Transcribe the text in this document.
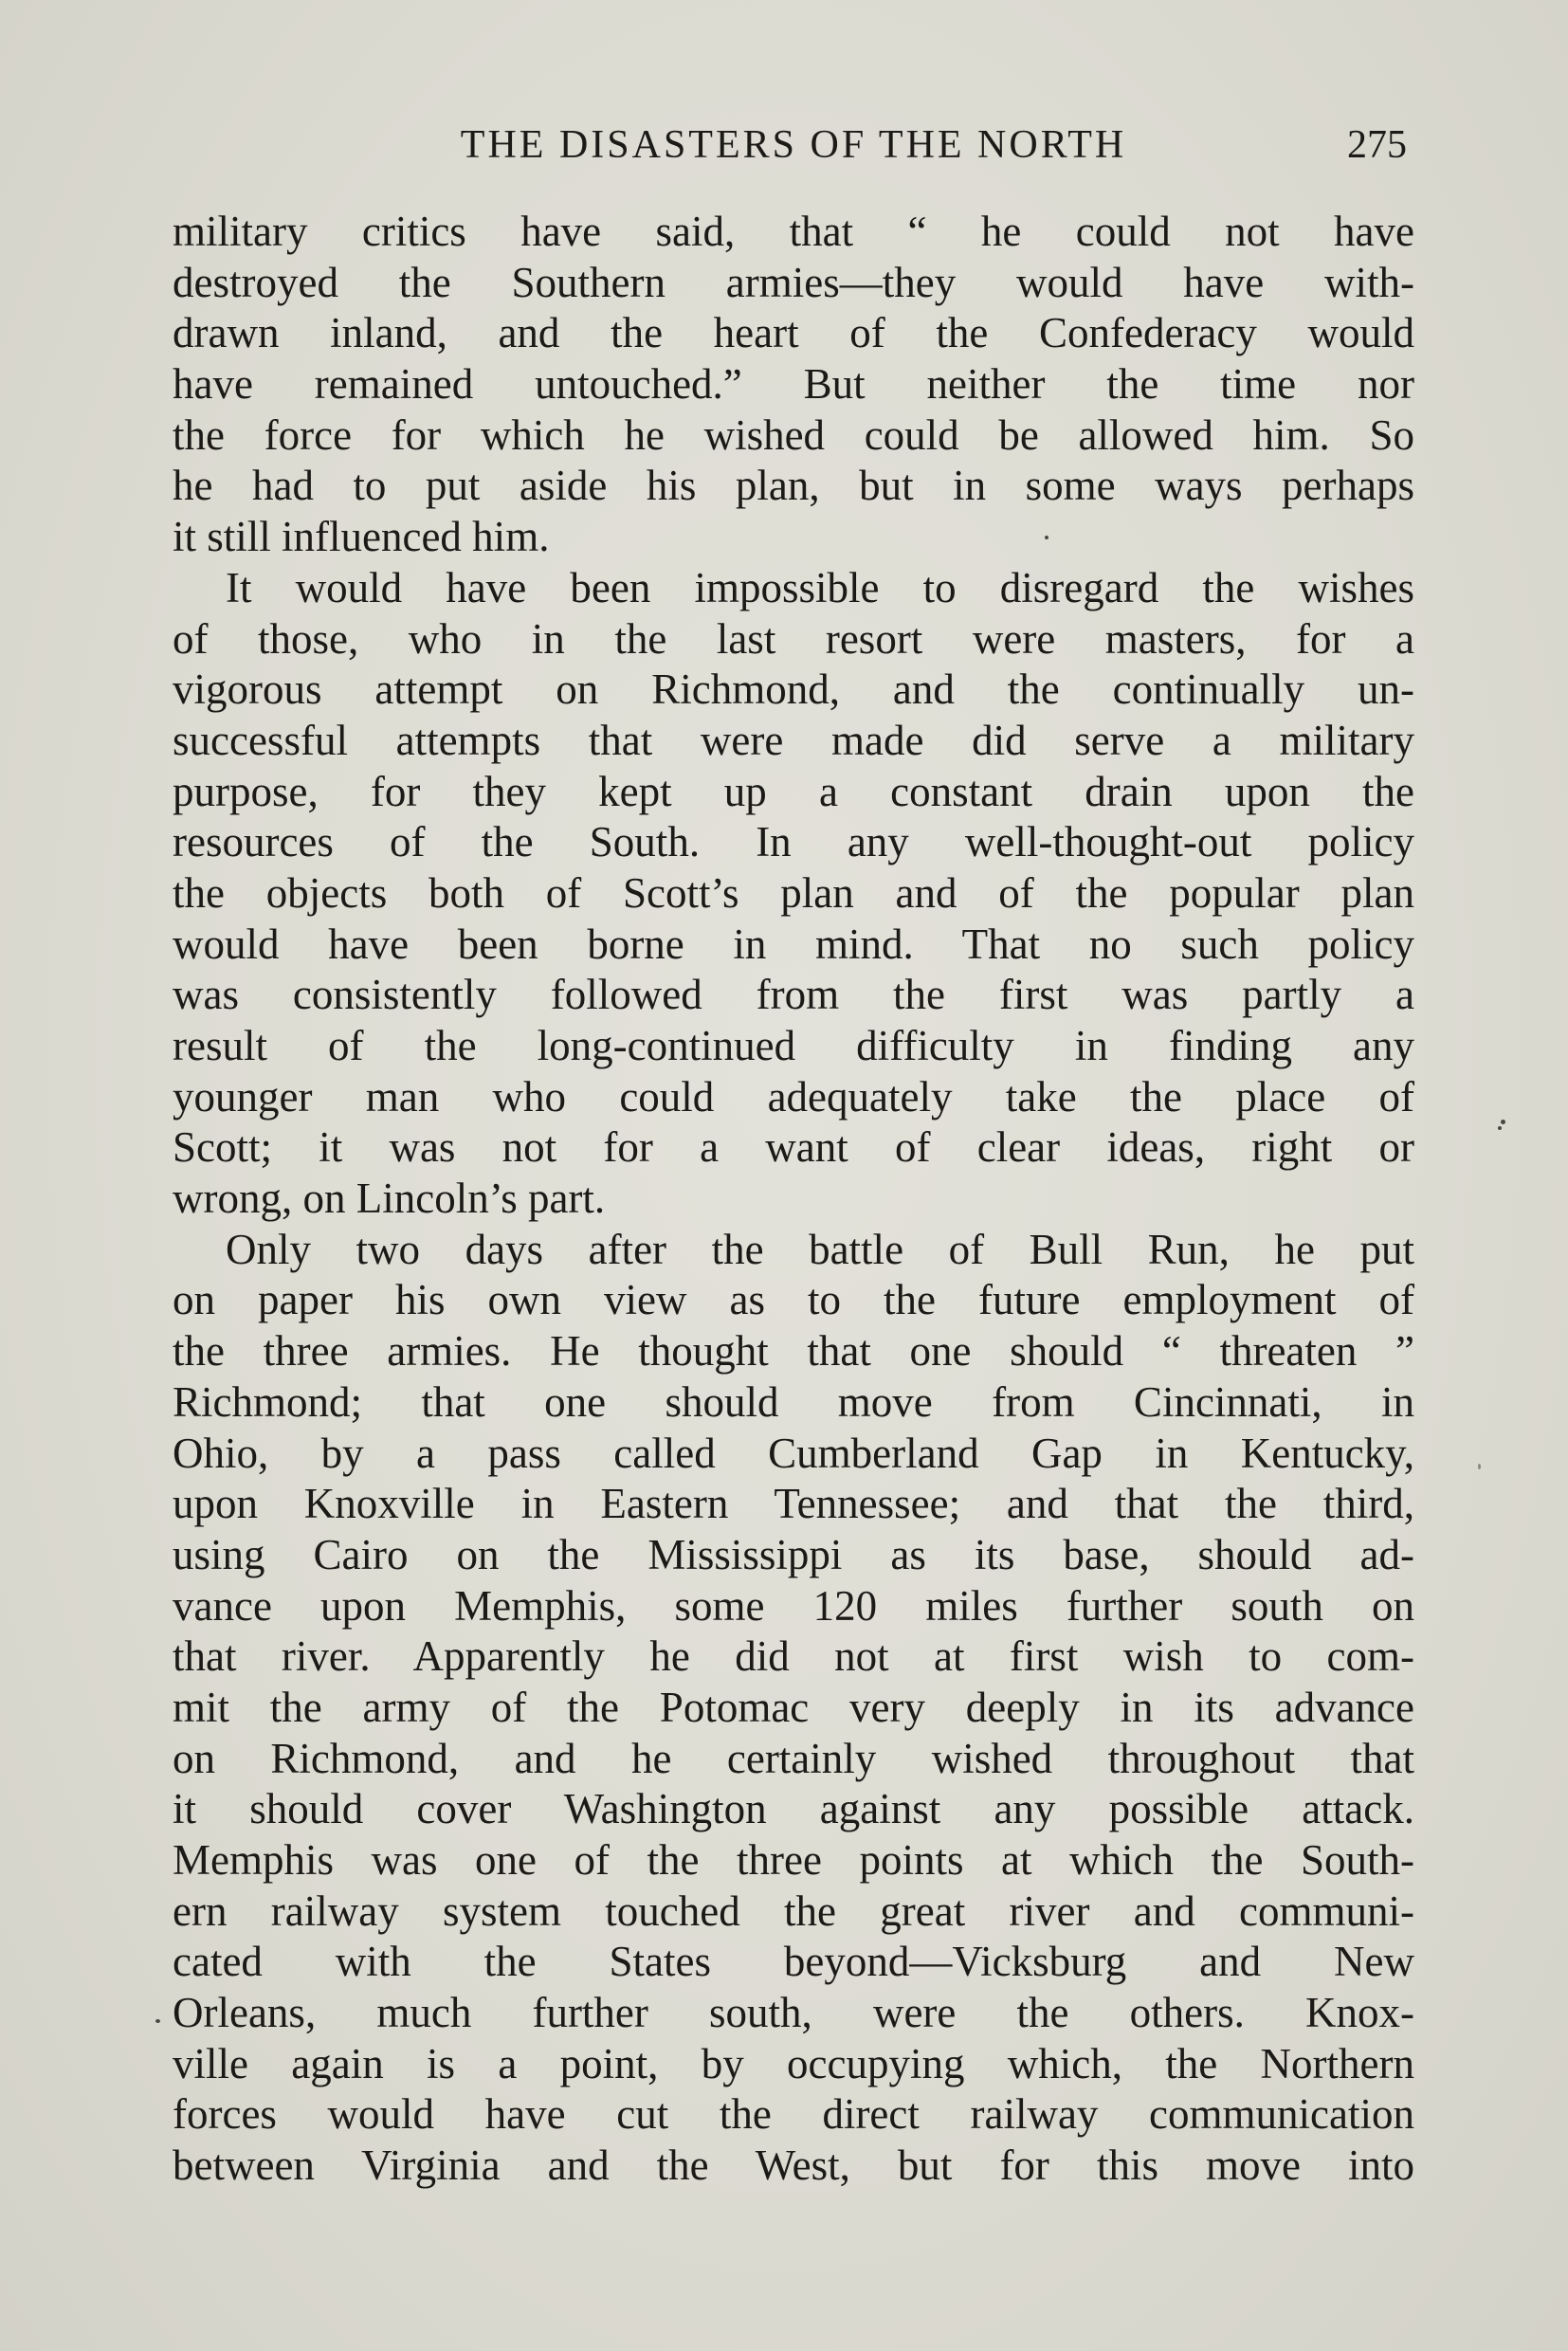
THE DISASTERS OF THE NORTH	275
military critics have said, that “ he could not have
destroyed the Southern armies—they would have with-
drawn inland, and the heart of the Confederacy would
have remained untouched.” But neither the time nor
the force for which he wished could be allowed him. So
he had to put aside his plan, but in some ways perhaps
it still influenced him.
It would have been impossible to disregard the wishes
of those, who in the last resort were masters, for a
vigorous attempt on Richmond, and the continually un-
successful attempts that were made did serve a military
purpose, for they kept up a constant drain upon the
resources of the South. In any well-thought-out policy
the objects both of Scott’s plan and of the popular plan
would have been borne in mind. That no such policy
was consistently followed from the first was partly a
result of the long-continued difficulty in finding any
younger man who could adequately take the place of
Scott; it was not for a want of clear ideas, right or
wrong, on Lincoln’s part.
Only two days after the battle of Bull Run, he put
on paper his own view as to the future employment of
the three armies. He thought that one should “ threaten ”
Richmond; that one should move from Cincinnati, in
Ohio, by a pass called Cumberland Gap in Kentucky,
upon Knoxville in Eastern Tennessee; and that the third,
using Cairo on the Mississippi as its base, should ad-
vance upon Memphis, some 120 miles further south on
that river. Apparently he did not at first wish to com-
mit the army of the Potomac very deeply in its advance
on Richmond, and he certainly wished throughout that
it should cover Washington against any possible attack.
Memphis was one of the three points at which the South-
ern railway system touched the great river and communi-
cated with the States beyond—Vicksburg and New
Orleans, much further south, were the others. Knox-
ville again is a point, by occupying which, the Northern
forces would have cut the direct railway communication
between Virginia and the West, but for this move into
